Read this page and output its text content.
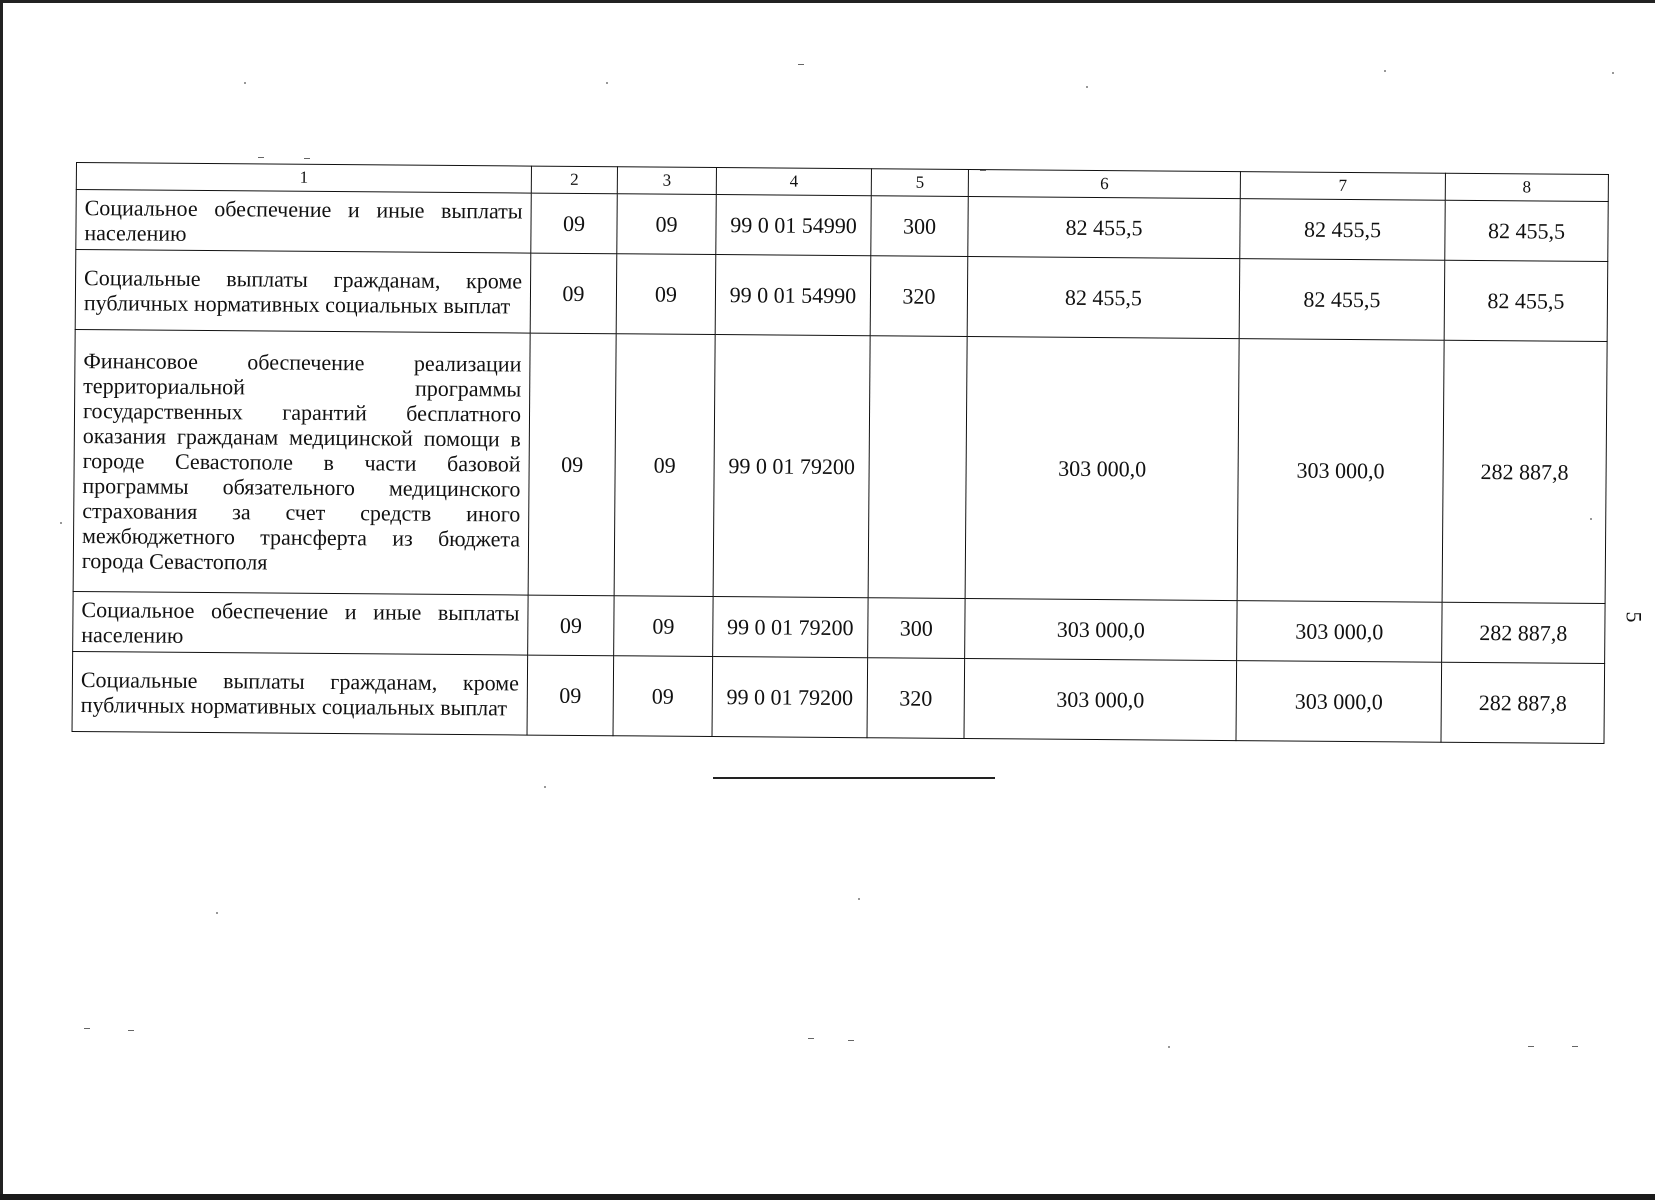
5
1	2	3	4	5	6	7	8
Социальное обеспечение и иные выплаты населению	09	09	99 0 01 54990	300	82 455,5	82 455,5	82 455,5
Социальные выплаты гражданам, кроме публичных нормативных социальных выплат	09	09	99 0 01 54990	320	82 455,5	82 455,5	82 455,5
Финансовое обеспечение реализации территориальной программы государственных гарантий бесплатного оказания гражданам медицинской помощи в городе Севастополе в части базовой программы обязательного медицинского страхования за счет средств иного межбюджетного трансферта из бюджета города Севастополя	09	09	99 0 01 79200		303 000,0	303 000,0	282 887,8
Социальное обеспечение и иные выплаты населению	09	09	99 0 01 79200	300	303 000,0	303 000,0	282 887,8
Социальные выплаты гражданам, кроме публичных нормативных социальных выплат	09	09	99 0 01 79200	320	303 000,0	303 000,0	282 887,8
